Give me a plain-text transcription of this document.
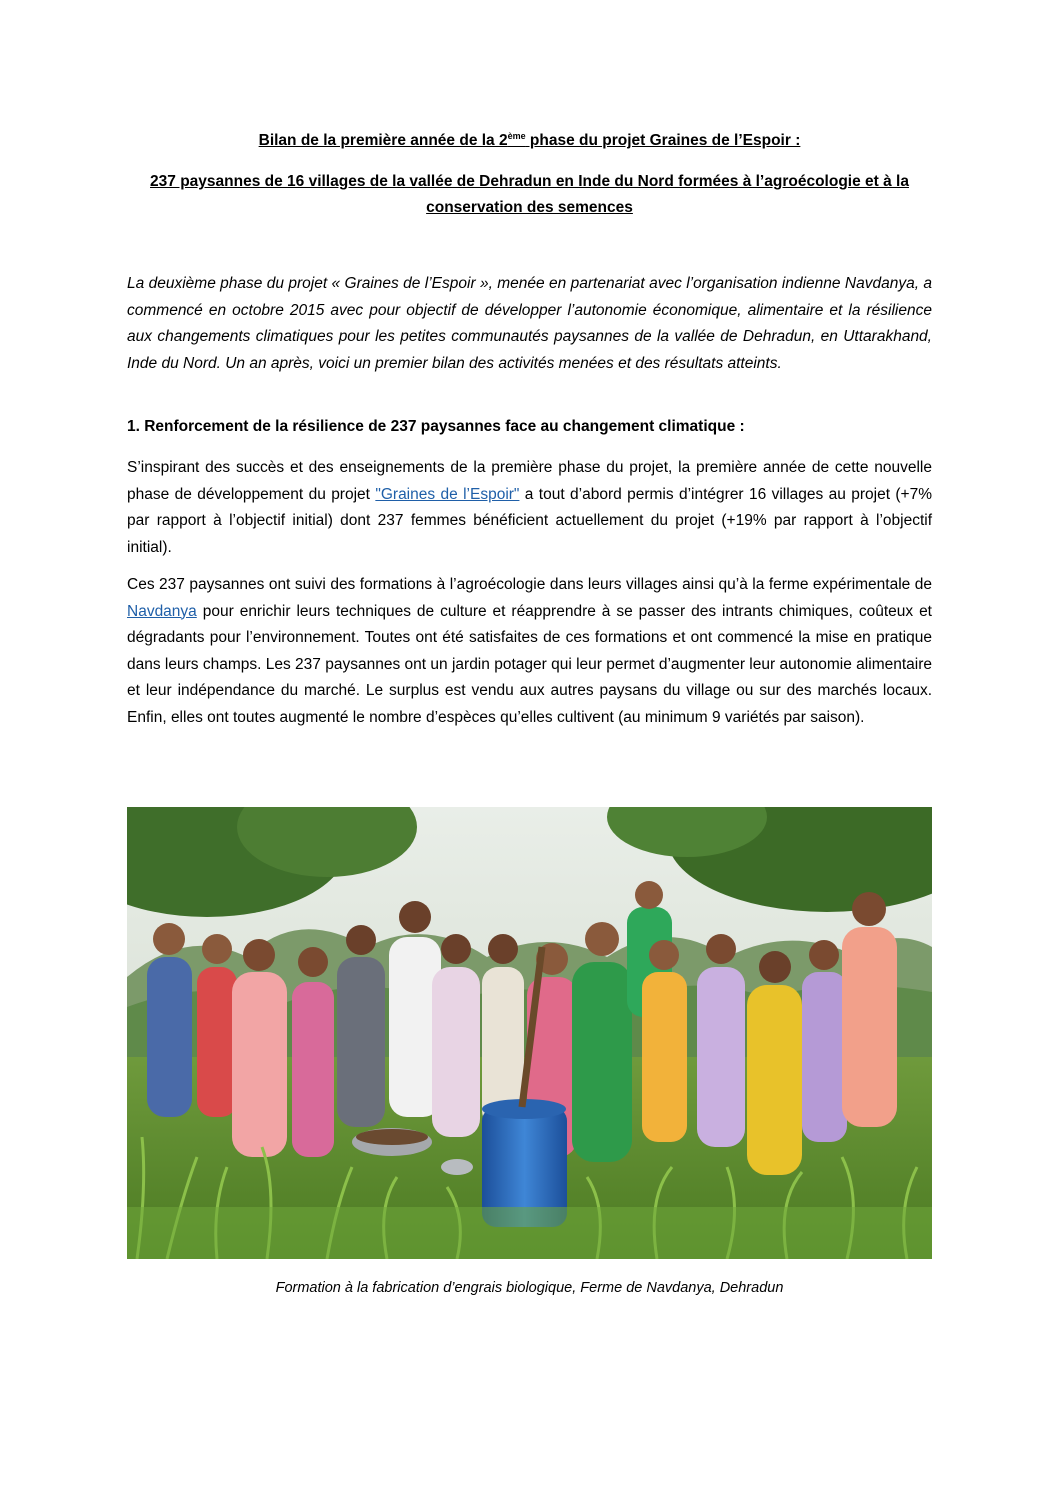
Bilan de la première année de la 2ème phase du projet Graines de l’Espoir :
237 paysannes de 16 villages de la vallée de Dehradun en Inde du Nord formées à l’agroécologie et à la conservation des semences
La deuxième phase du projet « Graines de l’Espoir », menée en partenariat avec l’organisation indienne Navdanya, a commencé en octobre 2015 avec pour objectif de développer l’autonomie économique, alimentaire et la résilience aux changements climatiques pour les petites communautés paysannes de la vallée de Dehradun, en Uttarakhand, Inde du Nord. Un an après, voici un premier bilan des activités menées et des résultats atteints.
1. Renforcement de la résilience de 237 paysannes face au changement climatique :
S’inspirant des succès et des enseignements de la première phase du projet, la première année de cette nouvelle phase de développement du projet "Graines de l’Espoir" a tout d’abord permis d’intégrer 16 villages au projet (+7% par rapport à l’objectif initial) dont 237 femmes bénéficient actuellement du projet (+19% par rapport à l’objectif initial).
Ces 237 paysannes ont suivi des formations à l’agroécologie dans leurs villages ainsi qu’à la ferme expérimentale de Navdanya pour enrichir leurs techniques de culture et réapprendre à se passer des intrants chimiques, coûteux et dégradants pour l’environnement. Toutes ont été satisfaites de ces formations et ont commencé la mise en pratique dans leurs champs. Les 237 paysannes ont un jardin potager qui leur permet d’augmenter leur autonomie alimentaire et leur indépendance du marché. Le surplus est vendu aux autres paysans du village ou sur des marchés locaux. Enfin, elles ont toutes augmenté le nombre d’espèces qu’elles cultivent (au minimum 9 variétés par saison).
Formation à la fabrication d’engrais biologique, Ferme de Navdanya, Dehradun
